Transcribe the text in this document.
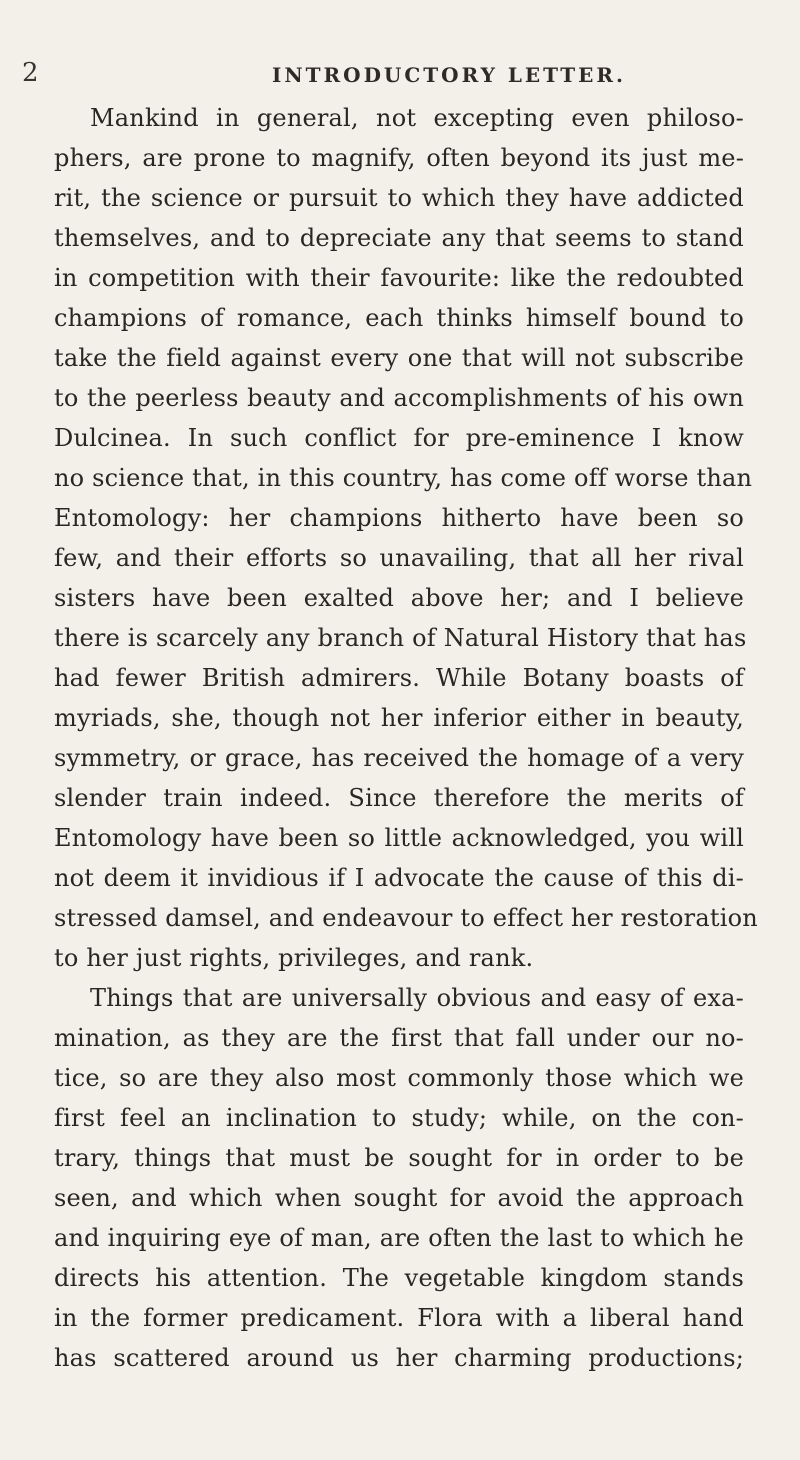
2	INTRODUCTORY LETTER.
Mankind in general, not excepting even philoso-
phers, are prone to magnify, often beyond its just me-
rit, the science or pursuit to which they have addicted
themselves, and to depreciate any that seems to stand
in competition with their favourite: like the redoubted
champions of romance, each thinks himself bound to
take the field against every one that will not subscribe
to the peerless beauty and accomplishments of his own
Dulcinea. In such conflict for pre-eminence I know
no science that, in this country, has come off worse than
Entomology: her champions hitherto have been so
few, and their efforts so unavailing, that all her rival
sisters have been exalted above her; and I believe
there is scarcely any branch of Natural History that has
had fewer British admirers. While Botany boasts of
myriads, she, though not her inferior either in beauty,
symmetry, or grace, has received the homage of a very
slender train indeed. Since therefore the merits of
Entomology have been so little acknowledged, you will
not deem it invidious if I advocate the cause of this di-
stressed damsel, and endeavour to effect her restoration
to her just rights, privileges, and rank.
Things that are universally obvious and easy of exa-
mination, as they are the first that fall under our no-
tice, so are they also most commonly those which we
first feel an inclination to study; while, on the con-
trary, things that must be sought for in order to be
seen, and which when sought for avoid the approach
and inquiring eye of man, are often the last to which he
directs his attention. The vegetable kingdom stands
in the former predicament. Flora with a liberal hand
has scattered around us her charming productions;
